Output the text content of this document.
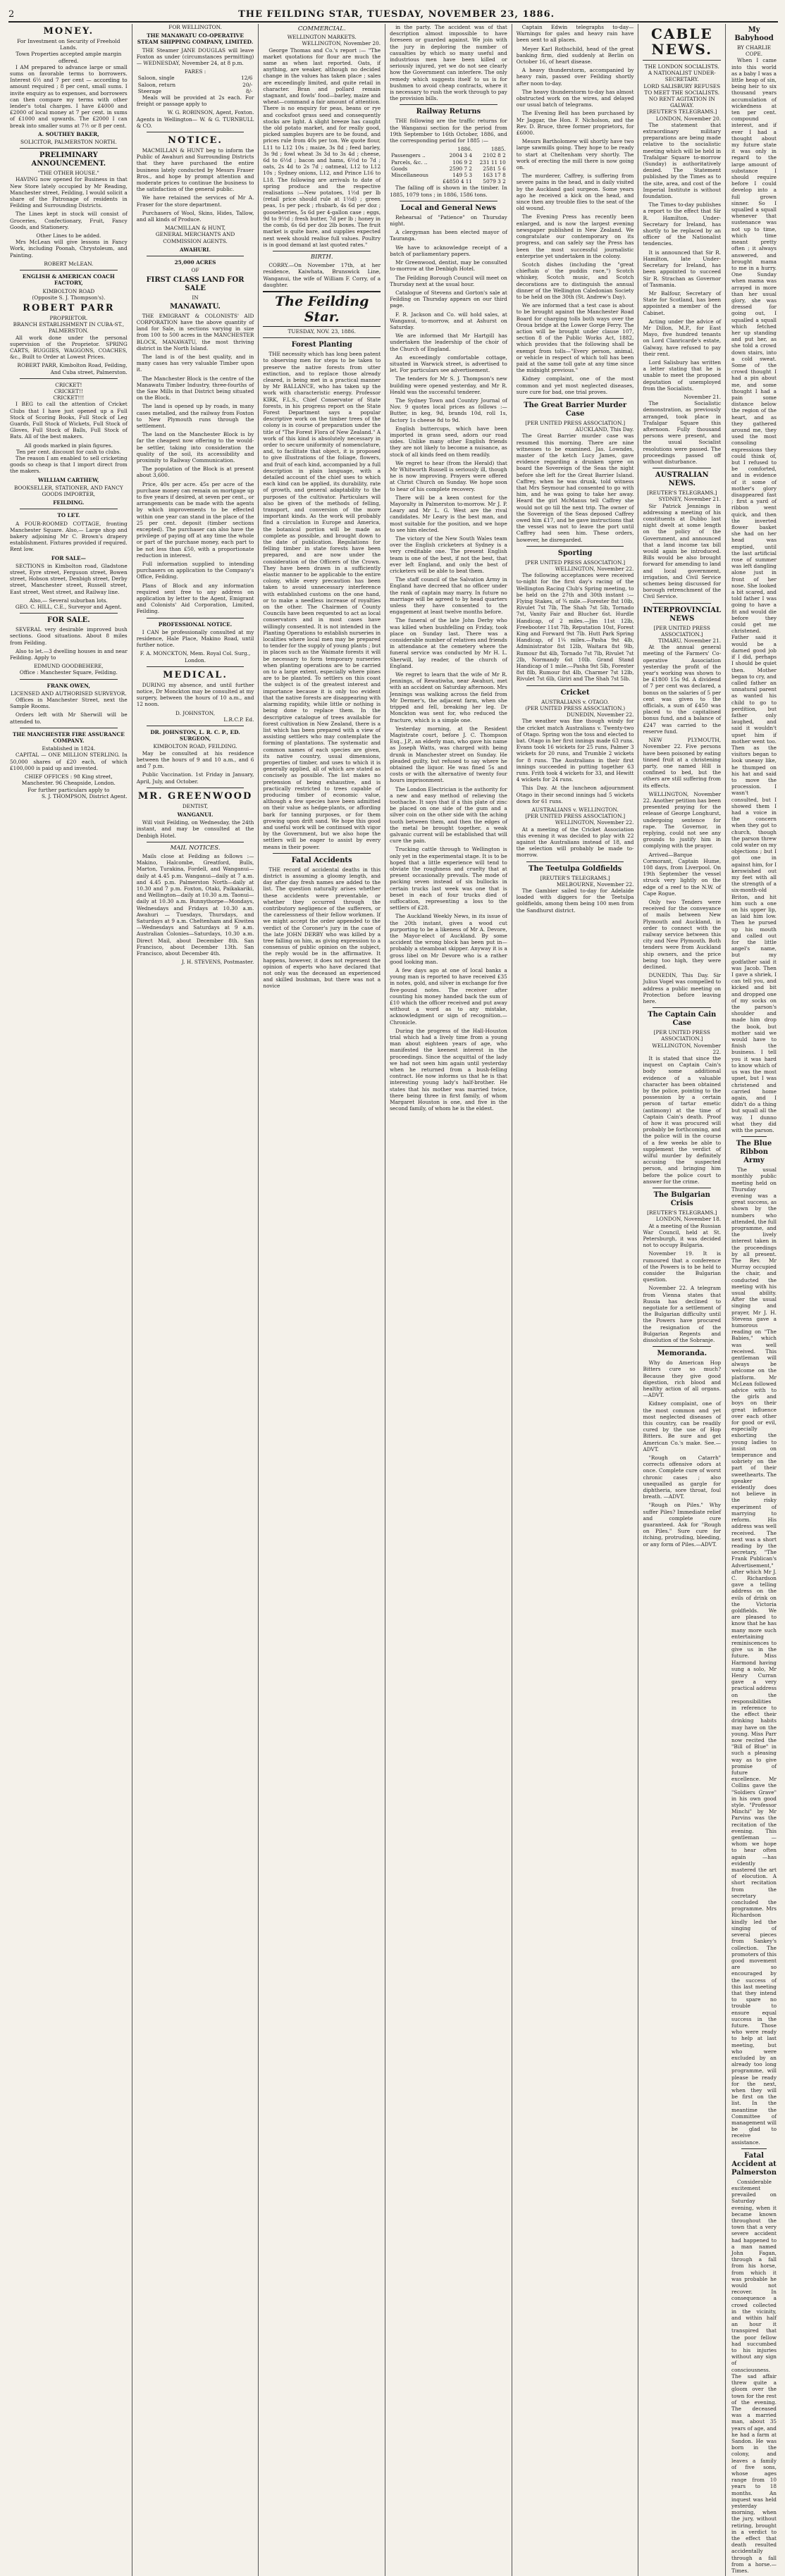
2	THE FEILDING STAR, TUESDAY, NOVEMBER 23, 1886.
MONEY.
For Investment on Security of Freehold Lands.
Town Properties accepted ample margin offered.

I AM prepared to advance large or small sums on favorable terms to borrowers. Interest 6½ and 7 per cent — according to amount required ; 8 per cent, small sums. I invite enquiry as to expenses, and borrowers can then compare my terms with other lender's total charges. I have £4000 and £2000 of local money at 7 per cent. in sums of £1000 and upwards. The £2000 I can break into smaller sums at 7½ or 8 per cent.

A. SOUTHEY BAKER,
SOLICITOR, PALMERSTON NORTH.
PRELIMINARY ANNOUNCEMENT.
"THE OTHER HOUSE."

HAVING now opened for Business in that New Store lately occupied by Mr Reading, Manchester street, Feilding, I would solicit a share of the Patronage of residents in Feilding and Surrounding Districts.

The Lines kept in stock will consist of Groceries, Confectionary, Fruit, Fancy Goods, and Stationery.

Other Lines to be added.

Mrs McLean will give lessons in Fancy Work, including Poonah, Chrystoleum, and Painting.

ROBERT McLEAN.
ENGLISH & AMERICAN COACH FACTORY,
KIMBOLTON ROAD
(Opposite S. J. Thompson's).
ROBERT PARR
PROPRIETOR.
BRANCH ESTABLISHMENT IN CUBA-ST., PALMERSTON.

All work done under the personal supervision of the Proprietor. SPRING CARTS, BUGGIES, WAGGONS, COACHES, &c., Built to Order at Lowest Prices.

ROBERT PARR, Kimbolton Road, Feilding, And Cuba street, Palmerston.
CRICKET!
CRICKET!!
CRICKET!!!

I BEG to call the attention of Cricket Clubs that I have just opened up a Full Stock of Scoring Books, Full Stock of Leg Guards, Full Stock of Wickets, Full Stock of Gloves, Full Stock of Balls, Full Stock of Bats. All of the best makers.

All goods marked in plain figures.
Ten per cent. discount for cash to clubs.

The reason I am enabled to sell cricketing goods so cheap is that I import direct from the makers.

WILLIAM CARTHEW,
BOOKSELLER, STATIONER, AND FANCY GOODS IMPORTER,
FEILDING.
TO LET.

A FOUR-ROOMED COTTAGE, fronting Manchester Square. Also,— Large shop and bakery adjoining Mr C. Brown's drapery establishment. Fixtures provided if required. Rent low.

FOR SALE—

SECTIONS in Kimbolton road, Gladstone street, Eyre street, Ferguson street, Bowen street, Hobson street, Denbigh street, Derby street, Manchester street, Russell street, East street, West street, and Railway line.

Also,— Several suburban lots.
GEO. C. HILL, C.E., Surveyor and Agent.
FOR SALE.

SEVERAL very desirable improved bush sections. Good situations. About 8 miles from Feilding.

Also to let.—3 dwelling houses in and near Feilding. Apply to

EDMUND GOODBEHERE,
Office : Manchester Square, Feilding.
FRANK OWEN,
LICENSED AND AUTHORISED SURVEYOR.

Offices in Manchester Street, next the Sample Rooms.

Orders left with Mr Sherwill will be attended to.

THE MANCHESTER FIRE ASSURANCE COMPANY.
Established in 1824.

CAPITAL — ONE MILLION STERLING. In 50,000 shares of £20 each, of which £100,000 is paid up and invested.

CHIEF OFFICES : 98 King street, Manchester. 96 Cheapside, London.
For further particulars apply to
S. J. THOMPSON, District Agent.
FOR WELLINGTON.
THE MANAWATU CO-OPERATIVE STEAM SHIPPING COMPANY, LIMITED.

THE Steamer JANE DOUGLAS will leave Foxton as under (circumstances permitting)— WEDNESDAY, November 24, at 8 p.m.

FARES :
Saloon, single	12/6
Saloon, return	20/-
Steerage	8/-

Meals will be provided at 2s each. For freight or passage apply to

W. G. ROBINSON, Agent, Foxton.
Agents in Wellington— W. & G. TURNBULL & CO.
NOTICE.

MACMILLAN & HUNT beg to inform the Public of Awahuri and Surrounding Districts that they have purchased the entire business lately conducted by Messrs Fraser Bros., and hope by prompt attention and moderate prices to continue the business to the satisfaction of the general public.

We have retained the services of Mr A. Fraser for the store department.

Purchasers of Wool, Skins, Hides, Tallow, and all kinds of Produce.

MACMILLAN & HUNT,
GENERAL MERCHANTS AND COMMISSION AGENTS.
AWAHURI.
25,000 ACRES
OF
FIRST CLASS LAND FOR SALE
IN
MANAWATU.

THE EMIGRANT & COLONISTS' AID CORPORATION have the above quantity of land for Sale, in sections varying in size from 100 to 500 acres in the MANCHESTER BLOCK, MANAWATU, the most thriving district in the North Island.

The land is of the best quality, and in many cases has very valuable Timber upon it.

The Manchester Block is the centre of the Manawatu Timber Industry, three-fourths of the Saw Mills in that District being situated on the Block.

The land is opened up by roads, in many cases metalled, and the railway from Foxton to New Plymouth runs through the settlement.

The land on the Manchester Block is by far the cheapest now offering to the would-be settler, taking into consideration the quality of the soil, its accessibility and proximity to Railway Communication.

The population of the Block is at present about 3,600.

Price, 40s per acre. 45s per acre of the purchase money can remain on mortgage up to five years if desired, at seven per cent., or arrangements can be made with the agents by which improvements to be effected within one year can stand in the place of the 25 per cent. deposit (timber sections excepted). The purchaser can also have the privilege of paying off at any time the whole or part of the purchase money, each part to be not less than £50, with a proportionate reduction in interest.

Full information supplied to intending purchasers on application to the Company's Office, Feilding.

Plans of Block and any information required sent free to any address on application by letter to the Agent, Emigrant and Colonists' Aid Corporation, Limited, Feilding.

PROFESSIONAL NOTICE.

I CAN be professionally consulted at my residence, Hale Place, Makino Road, until further notice.

F. A. MONCKTON, Mem. Royal Col. Surg., London.
MEDICAL.

DURING my absence, and until further notice, Dr Monckton may be consulted at my surgery, between the hours of 10 a.m., and 12 noon.

D. JOHNSTON,
L.R.C.P. Ed.
DR. JOHNSTON, L. R. C. P., ED. SURGEON,
KIMBOLTON ROAD, FEILDING.

May be consulted at his residence between the hours of 9 and 10 a.m., and 6 and 7 p.m.

Public Vaccination. 1st Friday in January, April, July, and October.

MR. GREENWOOD
DENTIST,
WANGANUI.

Will visit Feilding, on Wednesday, the 24th instant, and may be consulted at the Denbigh Hotel.

MAIL NOTICES.

Mails close at Feilding as follows :— Makino, Halcombe, Greatford, Bulls, Marton, Turakina, Fordell, and Wanganui—daily at 4.45 p.m. Wanganui—daily at 7 a.m. and 4.45 p.m. Palmerston North—daily at 10.30 and 7 p.m. Foxton, Otaki, Paikakariki, and Wellington—daily at 10.30 a.m. Taonui—daily at 10.30 a.m. Bunnythorpe—Mondays, Wednesdays and Fridays at 10.30 a.m. Awahuri — Tuesdays, Thursdays, and Saturdays at 9 a.m. Cheltenham and Kiwitea—Wednesdays and Saturdays at 9 a.m. Australian Colonies—Saturdays, 10.30 a.m. Direct Mail, about December 8th. San Francisco, about December 13th. San Francisco, about December 4th.

J. H. STEVENS, Postmaster.
COMMERCIAL.
WELLINGTON MARKETS.
WELLINGTON, November 20.

George Thomas and Co.'s report :— "The market quotations for flour are much the same as when last reported. Oats, if anything, are weaker, although no decided change in the values has taken place ; sales are exceedingly limited, and quite retail in character. Bran and pollard remain stagnant, and fowls' food—barley, maize and wheat—command a fair amount of attention. There is no enquiry for peas, beans or rye and cocksfoot grass seed and consequently stocks are light. A slight breeze has caught the old potato market, and for really good, picked samples buyers are to be found, and prices rule from 40s per ton. We quote flour, L11 to L12 10s ; maize, 3s 8d ; feed barley, 3s 9d ; fowl wheat 3s 3d to 3s 4d ; cheese, 6d to 6½d ; bacon and hams, 6½d to 7d ; oats, 2s 4d to 2s 7d ; oatmeal, L12 to L12 10s ; Sydney onions, L12, and Prince L16 to L18. The following are arrivals to date of spring produce and the respective realisations :—New potatoes, 1½d per lb (retail price should rule at 1½d) ; green peas, 1s per peck ; rhubarb, 4s 6d per doz ; gooseberries, 5s 6d per 4-gallon case ; eggs, 9d to 9½d ; fresh butter, 7d per lb ; honey in the comb, 6s 6d per doz 2lb boxes. The fruit market is quite bare, and supplies expected next week should realise full values. Poultry is in good demand at last quoted rates."

BIRTH.

CORRY.—On November 17th, at her residence, Kaiwhata, Brunswick Line, Wanganui, the wife of William F. Corry, of a daughter.

The Feilding Star.
TUESDAY, NOV. 23, 1886.
Forest Planting

THE necessity which has long been patent to observing men for steps to be taken to preserve the native forests from utter extinction, and to replace those already cleared, is being met in a practical manner by Mr BALLANCE, who has taken up the work with characteristic energy. Professor KIRK, F.L.S., Chief Conservator of State forests, in his progress report on the State Forest Department says a popular descriptive work on the timber trees of the colony is in course of preparation under the title of "The Forest Flora of New Zealand." A work of this kind is absolutely necessary in order to secure uniformity of nomenclature, and, to facilitate that object, it is proposed to give illustrations of the foliage, flowers, and fruit of each kind, accompanied by a full description in plain language, with a detailed account of the chief uses to which each kind can be applied, its durability, rate of growth, and general adaptability to the purposes of the cultivator. Particulars will also be given of the methods of felling, transport, and conversion of the more important kinds. As the work will probably find a circulation in Europe and America, the botanical portion will be made as complete as possible, and brought down to the date of publication. Regulations for felling timber in state forests have been prepared, and are now under the consideration of the Officers of the Crown. They have been drawn in a sufficiently elastic manner to be applicable to the entire colony, while every precaution has been taken to avoid unnecessary interference with established customs on the one hand, or to make a needless increase of royalties on the other. The Chairmen of County Councils have been requested to act as local conservators and in most cases have willingly consented. It is not intended in the Planting Operations to establish nurseries in localities where local men may be prepared to tender for the supply of young plants ; but in places such as the Waimate forests it will be necessary to form temporary nurseries when planting operations are to be carried on to a large extent, especially where pines are to be planted. To settlers on this coast the subject is of the greatest interest and importance because it is only too evident that the native forests are disappearing with alarming rapidity, while little or nothing is being done to replace them. In the descriptive catalogue of trees available for forest cultivation in New Zealand, there is a list which has been prepared with a view of assisting settlers who may contemplate the forming of plantations. The systematic and common names of each species are given, its native country, usual dimensions, properties of timber, and uses to which it is generally applied, all of which are stated as concisely as possible. The list makes no pretension of being exhaustive, and is practically restricted to trees capable of producing timber of economic value, although a few species have been admitted on their value as hedge-plants, or affording bark for tanning purposes, or for them growing upon drift sand. We hope this good and useful work will be continued with vigor by the Government, but we also hope the settlers will be eager to assist by every means in their power.

Fatal Accidents

THE record of accidental deaths in this district is assuming a gloomy length, and day after day fresh names are added to the list. The question naturally arises whether these accidents were preventable, or whether they occurred through the contributory negligence of the sufferers, or the carelessness of their fellow workmen. If we might accept the order appended to the verdict of the Coroner's jury in the case of the late JOHN DERBY who was killed by a tree falling on him, as giving expression to a consensus of public opinion on the subject, the reply would be in the affirmative. It happens, however, it does not represent the opinion of experts who have declared that not only was the deceased an experienced and skilled bushman, but there was not a novice

in the party. The accident was of that description almost impossible to have foreseen or guarded against. We join with the jury in deploring the number of casualties by which so many useful and industrious men have been killed or seriously injured, yet we do not see clearly how the Government can interfere. The only remedy which suggests itself to us is for bushmen to avoid cheap contracts, where it is necessary to rush the work through to pay the provision bills.

Railway Returns

THE following are the traffic returns for the Wanganui section for the period from 19th September to 16th October, 1886, and the corresponding period for 1885 :—

	1886.	1885.
Passengers ..	2004 3 4	2102 8 2
Parcels, &c. ..	106 9 2	231 11 10
Goods	2590 7 2	2581 5 6
Miscellaneous	149 5 3	163 17 8
	£4850 4 11	5079 3 2

The falling off is shown in the timber. In 1885, 1079 tons ; in 1886, 1586 tons.

Local and General News

Rehearsal of "Patience" on Thursday night.

A clergyman has been elected mayor of Tauranga.

We have to acknowledge receipt of a batch of parliamentary papers.

Mr Greenwood, dentist, may be consulted to-morrow at the Denbigh Hotel.

The Feilding Borough Council will meet on Thursday next at the usual hour.

Catalogue of Stevens and Gorton's sale at Feilding on Thursday appears on our third page.

F. R. Jackson and Co. will hold sales, at Wanganui, to-morrow, and at Ashurst on Saturday.

We are informed that Mr Hartgill has undertaken the leadership of the choir of the Church of England.

An exceedingly comfortable cottage, situated in Warwick street, is advertised to let. For particulars see advertisement.

The tenders for Mr S. J. Thompson's new building were opened yesterday, and Mr R. Heald was the successful tenderer.

The Sydney Town and Country Journal of Nov. 9 quotes local prices as follows :—Butter, in keg, 9d, brands 10d, roll 1s, factory 1s cheese 8d to 9d.

English buttercups, which have been imported in grass seed, adorn our road sides. Unlike many other English friends they are not likely to become a nuisance, as stock of all kinds feed on them readily.

We regret to hear (from the Herald) that Mr Whitworth Russell is seriously ill, though he is now improving. Prayers were offered at Christ Church on Sunday. We hope soon to hear of his complete recovery.

There will be a keen contest for the Mayoralty in Palmerston to-morrow. Mr J. P. Leary and Mr L. G. West are the rival candidates. Mr Leary is the best man, and most suitable for the position, and we hope to see him elected.

The victory of the New South Wales team over the English cricketers at Sydney is a very creditable one. The present English team is one of the best, if not the best, that ever left England, and only the best of cricketers will be able to beat them.

The staff council of the Salvation Army in England have decreed that no officer under the rank of captain may marry. In future no marriage will be agreed to by head quarters unless they have consented to the engagement at least twelve months before.

The funeral of the late John Derby who was killed when bushfelling on Friday, took place on Sunday last. There was a considerable number of relatives and friends in attendance at the cemetery where the funeral service was conducted by Mr H. L. Sherwill, lay reader, of the church of England.

We regret to learn that the wife of Mr R. Jennings, of Rewatiwha, near Awahuri, met with an accident on Saturday afternoon. Mrs Jennings was walking across the field from Mr Dermer's, the adjacent farm, when she tripped and fell, breaking her leg. Dr Monckton was sent for, who reduced the fracture, which is a simple one.

Yesterday morning, at the Resident Magistrate court, before J. C. Thompson Esq., J.P., an elderly man, who gave his name as Joseph Watts, was charged with being drunk in Manchester street on Sunday. He pleaded guilty, but refused to say where he obtained the liquor. He was fined 5s and costs or with the alternative of twenty four hours imprisonment.

The London Electrician is the authority for a new and easy method of relieving the toothache. It says that if a thin plate of zinc be placed on one side of the gum and a silver coin on the other side with the aching tooth between them, and then the edges of the metal be brought together, a weak galvanic current will be established that will cure the pain.

Trucking cattle through to Wellington is only yet in the experimental stage. It is to be hoped that a little experience will tend to obviate the roughness and cruelty that at present occasionally prevails. The mode of packing seven instead of six bullocks in certain trucks last week was one that is beset in each of four trucks died of suffocation, representing a loss to the settlers of £28.

The Auckland Weekly News, in its issue of the 20th instant, gives a wood cut purporting to be a likeness of Mr A. Devore, the Mayor-elect of Auckland. By some accident the wrong block has been put in—probably a steamboat skipper. Anyway it is a gross libel on Mr Devore who is a rather good looking man.

A few days ago at one of local banks a young man is reported to have received £35 in notes, gold, and silver in exchange for five five-pound notes. The receiver after counting his money handed back the sum of £10 which the officer received and put away without a word as to any mistake, acknowledgment or sign of recognition.—Chronicle.

During the progress of the Hall-Houston trial which had a lively time from a young man about eighteen years of age, who manifested the keenest interest in the proceedings. Since the acquittal of the lady we had not seen him again until yesterday when he returned from a bush-felling contract. He now informs us that he is that interesting young lady's half-brother. He states that his mother was married twice, there being three in first family, of whom Margaret Houston is one, and five in the second family, of whom he is the eldest.

Captain Edwin telegraphs to-day— Warnings for gales and heavy rain have been sent to all places.

Meyer Karl Rothschild, head of the great banking firm, died suddenly at Berlin on October 16, of heart disease.

A heavy thunderstorm, accompanied by heavy rain, passed over Feilding shortly after noon to-day.

The heavy thunderstorm to-day has almost obstructed work on the wires, and delayed our usual batch of telegrams.

The Evening Bell has been purchased by Mr Jaggar, the Hon. F. Nicholson, and the Rev. D. Bruce, three former proprietors, for £6000.

Messrs Bartholomew will shortly have two large sawmills going. They hope to be ready to start at Cheltenham very shortly. The work of erecting the mill there is now going on.

The murderer, Caffrey, is suffering from severe pains in the head, and is daily visited by the Auckland gaol surgeon. Some years ago he received a kick on the head, and since then any trouble flies to the seat of the old wound.

The Evening Press has recently been enlarged, and is now the largest evening newspaper published in New Zealand. We congratulate our contemporary on its progress, and can safely say the Press has been the most successful journalistic enterprise yet undertaken in the colony.

Scotch dishes (including the "great chieftain o' the puddin race,") Scotch whiskey, Scotch music, and Scotch decorations are to distinguish the annual dinner of the Wellington Caledonian Society to be held on the 30th (St. Andrew's Day).

We are informed that a test case is about to be brought against the Manchester Road Board for charging tolls both ways over the Oroua bridge at the Lower Gorge Ferry. The action will be brought under clause 107, section 8 of the Public Works Act, 1882, which provides that the following shall be exempt from tolls—"Every person, animal, or vehicle in respect of which toll has been paid at the same toll gate at any time since the midnight previous."

Kidney complaint, one of the most common and yet most neglected diseases, sure cure for bad, one trial proves.

The Great Barrier Murder Case
[PER UNITED PRESS ASSOCIATION.]
AUCKLAND, This Day.

The Great Barrier murder case was resumed this morning. There are nine witnesses to be examined. Jas. Lowndes, master of the ketch Lucy James, gave evidence regarding a drunken spree on board the Sovereign of the Seas the night before she left for the Great Barrier Island. Caffrey, when he was drunk, told witness that Mrs Seymour had consented to go with him, and he was going to take her away. Heard the girl McManus tell Caffrey she would not go till the next trip. The owner of the Sovereign of the Seas deposed Caffrey owed him £17, and he gave instructions that the vessel was not to leave the port until Caffrey had seen him. These orders, however, he disregarded.

Sporting
[PER UNITED PRESS ASSOCIATION.]
WELLINGTON, November 22.

The following acceptances were received to-night for the first day's racing of the Wellington Racing Club's Spring meeting, to be held on the 27th and 30th instant :— Flying Stakes, of ¾ mile.—Forester 8st 10lb, Rivulet 7st 7lb, The Shah 7st 5lb, Tornado 7st, Vanity Fair and Blucher 6st. Hurdle Handicap, of 2 miles.—Jim 11st 12lb, Freebooter 11st 7lb, Reputation 10st, Forest King and Forward 9st 7lb. Hutt Park Spring Handicap, of 1¼ miles.—Pasha 9st 4lb, Administrator 8st 12lb, Waitara 8st 9lb, Rumour 8st 4lb, Tornado 7st 7lb, Rivulet 7st 2lb, Normandy 6st 10lb. Grand Stand Handicap of 1 mile.—Pasha 9st 5lb, Forester 8st 8lb, Rumour 8st 4lb, Charmer 7st 12lb, Rivulet 7st 6lb, Giriri and The Shah 7st 5lb.

Cricket
AUSTRALIANS v. OTAGO.
(PER UNITED PRESS ASSOCIATION.)
DUNEDIN, November 22.

The weather was fine though windy for the cricket match Australians v. Twenty-two of Otago. Spring won the toss and elected to bat. Otago in her first innings made 63 runs. Evans took 16 wickets for 25 runs, Palmer 3 wickets for 20 runs, and Trumble 2 wickets for 8 runs. The Australians in their first innings succeeded in putting together 63 runs. Frith took 4 wickets for 33, and Hewitt 4 wickets for 24 runs.

This Day. At the luncheon adjournment Otago in their second innings had 5 wickets down for 61 runs.

AUSTRALIANS v. WELLINGTON.
[PER UNITED PRESS ASSOCIATION.]
WELLINGTON, November 22.

At a meeting of the Cricket Association this evening it was decided to play with 22 against the Australians instead of 18, and the selection will probably be made to-morrow.

The Teetulpa Goldfields
[REUTER'S TELEGRAMS.]
MELBOURNE, November 22.

The Gambier sailed to-day for Adelaide loaded with diggers for the Teetulpa goldfields, among them being 100 men from the Sandhurst district.

CABLE NEWS.
THE LONDON SOCIALISTS.
A NATIONALIST UNDER-SECRETARY.
LORD SALISBURY REFUSES TO MEET THE SOCIALISTS.
NO RENT AGITATION IN GALWAY.
[REUTER'S TELEGRAMS.]
LONDON, November 20.

The statement that extraordinary military preparations are being made relative to the socialistic meeting which will be held in Trafalgar Square to-morrow (Sunday) is authoritatively denied. The Statement published by the Times as to the site, area, and cost of the Imperial Institute is without foundation.

The Times to-day publishes a report to the effect that Sir R. Hamilton, Under-Secretary for Ireland, has shortly to be replaced by an officer of the Nationalist tendencies.

It is announced that Sir R. Hamilton, late Under-Secretary for Ireland, has been appointed to succeed Sir R. Strachan as Governor of Tasmania.

Mr Balfour, Secretary of State for Scotland, has been appointed a member of the Cabinet.

Acting under the advice of Mr Dillon, M.P., for East Mayo, five hundred tenants on Lord Clanricarde's estate, Galway, have refused to pay their rent.

Lord Salisbury has written a letter stating that he is unable to meet the proposed deputation of unemployed from the Socialists.

November 21.

The Socialistic demonstration, as previously arranged, took place in Trafalgar Square this afternoon. Fully thousand persons were present, and the usual Socialist resolutions were passed. The proceedings passed off without disturbance.

AUSTRALIAN NEWS.
[REUTER'S TELEGRAMS.]
SYDNEY, November 21.

Sir Patrick Jennings in addressing a meeting of his constituents at Dubbo last night dwelt at some length on the policy of the Government, and announced that a land income tax bill would again be introduced. Bills would be also brought forward for amending to land and local government, irrigation, and Civil Service schemes being discussed for borough retrenchment of the Civil Service.

INTERPROVINCIAL NEWS
[PER UNITED PRESS ASSOCIATION.]
TIMARU, November 21.

At the annual general meeting of the Farmers' Co-operative Association yesterday the profit of the year's working was shown to be £1800 15s 9d. A dividend of 7 per cent was declared, a bonus on the salaries of 5 per cent was given to the officials, a sum of £450 was placed to the capitalised bonus fund, and a balance of £247 was carried to the reserve fund.

NEW PLYMOUTH, November 22. Five persons have been poisoned by eating tinned fruit at a christening party, one named Hill is confined to bed, but the others are still suffering from its effects.

WELLINGTON, November 22. Another petition has been presented praying for the release of George Longhurst, undergoing sentence for rape. The Governor, in replying, could not see any grounds to justify him in complying with the prayer.

Arrived—Barque Cormorant, Captain Hume, 108 days, from Liverpool. On 19th September the vessel struck very lightly on the edge of a reef to the N.W. of Cape Rogue.

Only two Tenders were received for the conveyance of mails between New Plymouth and Auckland, in order to connect with the railway service between this city and New Plymouth. Both tenders were from Auckland ship owners, and the price being too high, they were declined.

DUNEDIN, This Day. Sir Julius Vogel was compelled to address a public meeting on Protection before leaving here.

The Captain Cain Case
[PER UNITED PRESS ASSOCIATION.]
WELLINGTON, November 22.

It is stated that since the inquest on Captain Cain's body some additional evidence of a valuable character has been obtained by the police, pointing to the possession by a certain person of tartar emetic (antimony) at the time of Captain Cain's death. Proof of how it was procured will probably be forthcoming, and the police will in the course of a few weeks be able to supplement the verdict of wilful murder by definitely accusing the suspected person, and bringing him before the police court to answer for the crime.

The Bulgarian Crisis
[REUTER'S TELEGRAMS.]
LONDON, November 18.

At a meeting of the Russian War Council, held at St. Petersburgh, it was decided not to occupy Bulgaria.

November 19. It is rumoured that a conference of the Powers is to be held to consider the Bulgarian question.

November 22. A telegram from Vienna states that Russia has declined to negotiate for a settlement of the Bulgarian difficulty until the Powers have procured the resignation of the Bulgarian Regents and dissolution of the Sobranje.

Memoranda.

Why do American Hop Bitters cure so much? Because they give good digestion, rich blood and healthy action of all organs.—ADVT.

Kidney complaint, one of the most common and yet most neglected diseases of this country, can be readily cured by the use of Hop Bitters. Be sure and get American Co.'s make. See.—ADVT.

"Rough on Catarrh" corrects offensive odors at once. Complete cure of worst chronic cases ; also unequalled as gargle for diphtheria, sore throat, foul breath. —ADVT.

"Rough on Piles." Why suffer Piles? Immediate relief and complete cure guaranteed. Ask for "Rough on Piles." Sure cure for itching, protruding, bleeding, or any form of Piles.—ADVT.

My Babyhood
BY CHARLIE COPE.

When I came into this world as a baby I was a little heap of sin, being heir to six thousand years accumulation of wickedness at ten per cent. compound interest, and if ever I had a thought about my future state it was only in regard to the large amount of substance I should require before I could develop into a full grown sinner. So I squalled a squall whenever that sustenance was not up to time, which time meant pretty often ; it always answered, and brought mama to me in a hurry. One Sunday when mama was arrayed in more than her usual glory, she was dressed for going out, I squalled a squall which fetched her up standing and put her, as she told a crowd down stairs, into a cold sweat. Some of the crowd thought I had a pin about me, and some thought I had a pain some distance below the region of the heart, and as they gathered around me, they used the most consoling expressions they could think of, but I refused to be comforted, and in evidence of it some of mother's glory disappeared fast ; first a yard of ribbon went quick, and then the inverted flower basket she had on her head was emptied, until the last artificial rose of summer was left dangling alone just in front of her nose. She looked a bit scared, and told father I was going to have a fit and would die before they could get me christened. Father said it would be a darned good job if I did, perhaps I should be quiet then. Mother began to cry, and called father an unnatural parent as wanted his child to go to perdition, but father only laughed, and said it wouldn't upset him if mother went too. Then as the visitors began to look uneasy like, he thumped on his hat and said to move the procession. I wasn't consulted, but I showed them I had a voice in the concern when they got to church, though the parson threw cold water on my objections ; but I got one in against him, for I kerswished out my feet with all the strength of a six-month-old Briton, and hit him such a one on his upper lip, as laid him low. Then he pursed up his mouth and called out for the little angel's name, but my godfather said it was Jacob. Then I gave a shriek, I can tell you, and kicked and bit and dropped one of my socks on the parson's shoulder and made him drop the book, but mother said we would have to finish the business. I tell you it was hard to know which of us was the most upset, but I was christened and carried home again, and I didn't do a thing but squall all the way. I dunno what they did with the parson.

The Blue Ribbon Army

The usual monthly public meeting held on Thursday evening was a great success, as shown by the numbers who attended, the full programme, and the lively interest taken in the proceedings by all present. The Rev. Mr Murray occupied the chair, and conducted the meeting with his usual ability. After the usual singing and prayer, Mr J. H. Stevens gave a humorous reading on "The Babies," which was well received. This gentleman will always be welcome on the platform. Mr McLean followed advice with to the girls and boys on their great influence over each other for good or evil, especially exhorting the young ladies to insist on temperance and sobriety on the part of their sweethearts. The speaker evidently does not believe in the risky experiment of marrying to reform. His address was well received. The next was a short reading by the secretary, "The Frank Publican's Advertisement," after which Mr J. C. Richardson gave a telling address on the evils of drink on the Victoria goldfields. We are pleased to know that he has many more such entertaining reminiscences to give us in the future. Miss Harmond having sung a solo, Mr Henry Curran gave a very practical address on the responsibilities in reference to the effect their drinking habits may have on the young. Miss Parr now recited the "Bill of Blue" in such a pleasing way as to give promise of future excellence. Mr Collins gave the "Soldiers Grave" in his own good style. "Professor Minchi" by Mr Parvins was the recitation of the evening. This gentleman —whom we hope to hear often again —has evidently mastered the art of elocution. A short recitation from the secretary concluded the programme. Mrs Richardson kindly led the singing of several pieces from Sankey's collection. The promoters of this good movement are so encouraged by the success of this last meeting that they intend to spare no trouble to ensure equal success in the future. Those who were ready to help at last meeting, but who were excluded by an already too long programme, will please be ready for the next, when they will be first on the list. In the meantime the Committee of management will be glad to receive assistance.

Fatal Accident at Palmerston

Considerable excitement prevailed on Saturday evening, when it became known throughout the town that a very severe accident had happened to a man named John Fagan, through a fall from his horse, from which it was probable he would not recover. In consequence a crowd collected in the vicinity, and within half an hour it transpired that the poor fellow had succumbed to his injuries without any sign of consciousness. The sad affair threw quite a gloom over the town for the rest of the evening. The deceased was a married man, about 35 years of age, and he had a farm at Sandon. He was born in the colony, and leaves a family of five sons, whose ages range from 10 years to 18 months. An inquest was held yesterday morning, when the jury, without retiring, brought in a verdict to the effect that death resulted accidentally through a fall from a horse.—Times.
